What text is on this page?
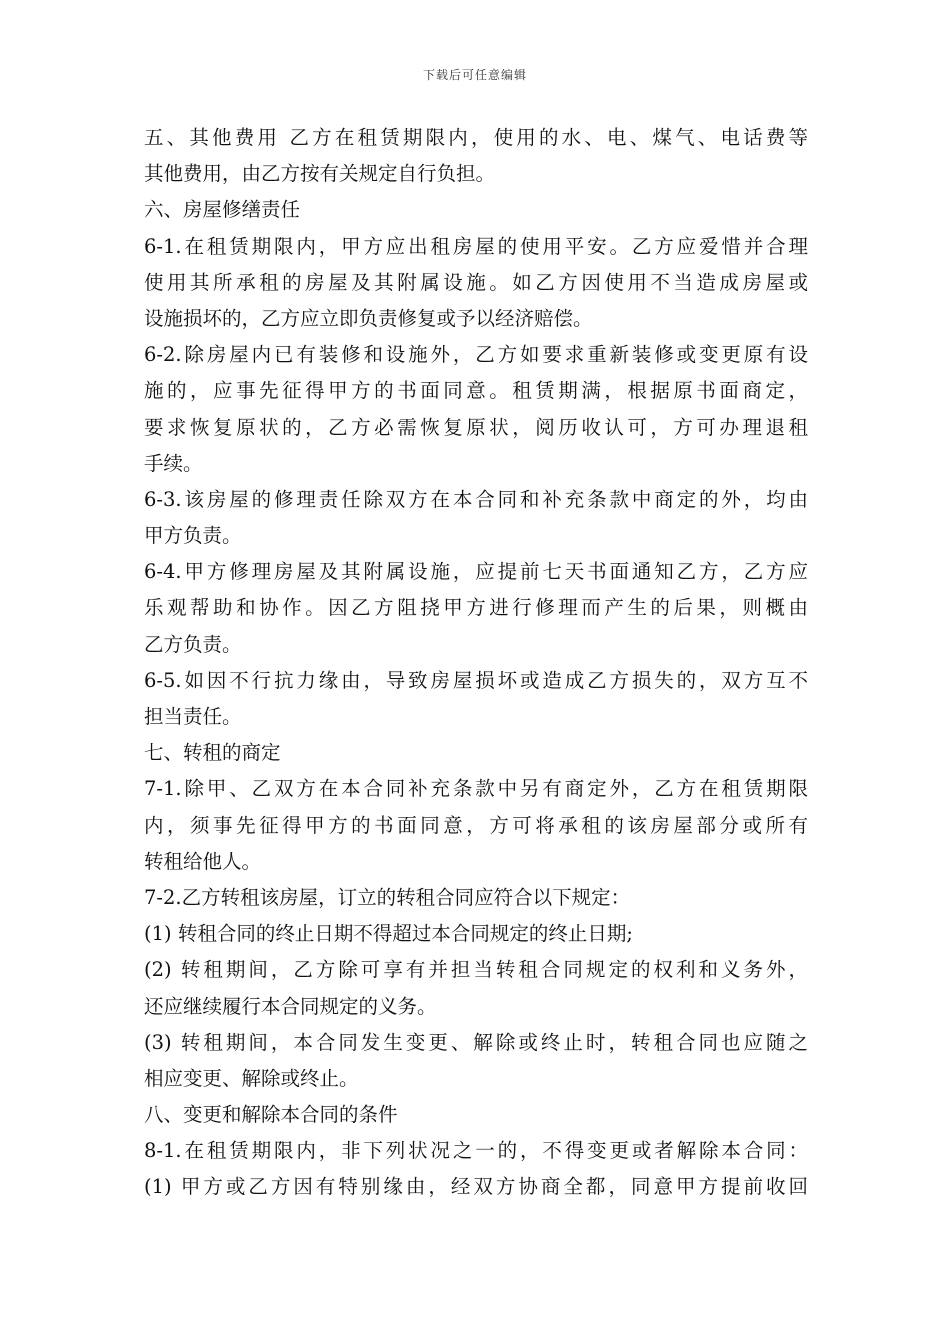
下载后可任意编辑
五、其他费用 乙方在租赁期限内，使用的水、电、煤气、电话费等
其他费用，由乙方按有关规定自行负担。
六、房屋修缮责任
6-1.在租赁期限内，甲方应出租房屋的使用平安。乙方应爱惜并合理
使用其所承租的房屋及其附属设施。如乙方因使用不当造成房屋或
设施损坏的，乙方应立即负责修复或予以经济赔偿。
6-2.除房屋内已有装修和设施外，乙方如要求重新装修或变更原有设
施的，应事先征得甲方的书面同意。租赁期满，根据原书面商定，
要求恢复原状的，乙方必需恢复原状，阅历收认可，方可办理退租
手续。
6-3.该房屋的修理责任除双方在本合同和补充条款中商定的外，均由
甲方负责。
6-4.甲方修理房屋及其附属设施，应提前七天书面通知乙方，乙方应
乐观帮助和协作。因乙方阻挠甲方进行修理而产生的后果，则概由
乙方负责。
6-5.如因不行抗力缘由，导致房屋损坏或造成乙方损失的，双方互不
担当责任。
七、转租的商定
7-1.除甲、乙双方在本合同补充条款中另有商定外，乙方在租赁期限
内，须事先征得甲方的书面同意，方可将承租的该房屋部分或所有
转租给他人。
7-2.乙方转租该房屋，订立的转租合同应符合以下规定：
(1) 转租合同的终止日期不得超过本合同规定的终止日期;
(2) 转租期间，乙方除可享有并担当转租合同规定的权利和义务外，
还应继续履行本合同规定的义务。
(3) 转租期间，本合同发生变更、解除或终止时，转租合同也应随之
相应变更、解除或终止。
八、变更和解除本合同的条件
8-1.在租赁期限内，非下列状况之一的，不得变更或者解除本合同：
(1) 甲方或乙方因有特别缘由，经双方协商全都，同意甲方提前收回
